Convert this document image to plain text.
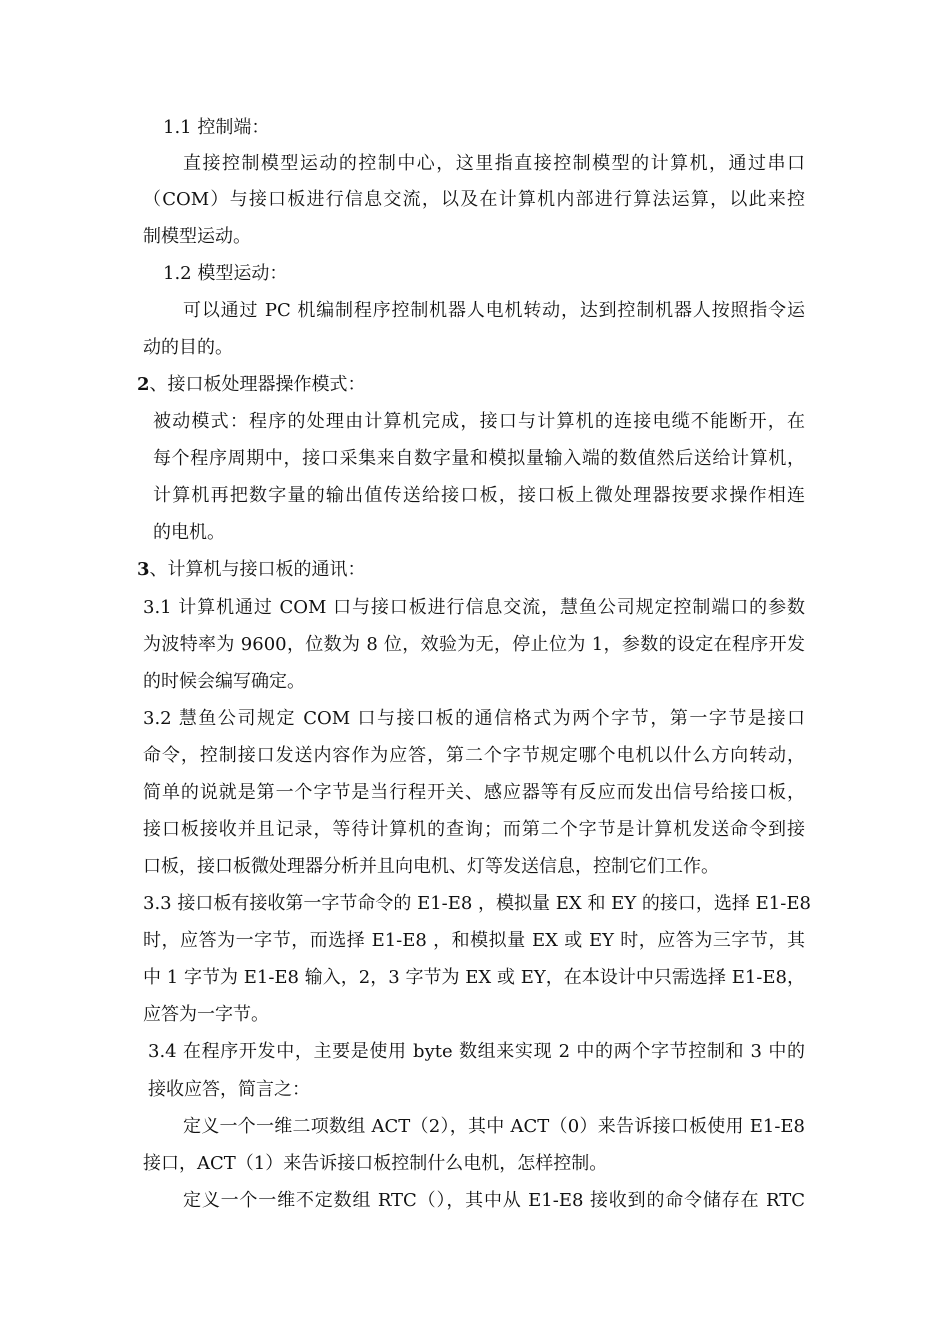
1.1 控制端：
直接控制模型运动的控制中心，这里指直接控制模型的计算机，通过串口
（COM）与接口板进行信息交流，以及在计算机内部进行算法运算，以此来控
制模型运动。
1.2 模型运动：
可以通过 PC 机编制程序控制机器人电机转动，达到控制机器人按照指令运
动的目的。
2、接口板处理器操作模式：
被动模式：程序的处理由计算机完成，接口与计算机的连接电缆不能断开，在
每个程序周期中，接口采集来自数字量和模拟量输入端的数值然后送给计算机，
计算机再把数字量的输出值传送给接口板，接口板上微处理器按要求操作相连
的电机。
3、计算机与接口板的通讯：
3.1 计算机通过 COM 口与接口板进行信息交流，慧鱼公司规定控制端口的参数
为波特率为 9600，位数为 8 位，效验为无，停止位为 1，参数的设定在程序开发
的时候会编写确定。
3.2 慧鱼公司规定 COM 口与接口板的通信格式为两个字节，第一字节是接口
命令，控制接口发送内容作为应答，第二个字节规定哪个电机以什么方向转动，
简单的说就是第一个字节是当行程开关、感应器等有反应而发出信号给接口板，
接口板接收并且记录，等待计算机的查询；而第二个字节是计算机发送命令到接
口板，接口板微处理器分析并且向电机、灯等发送信息，控制它们工作。
3.3 接口板有接收第一字节命令的 E1-E8 ，模拟量 EX 和 EY 的接口，选择 E1-E8
时，应答为一字节，而选择 E1-E8 ，和模拟量 EX 或 EY 时，应答为三字节，其
中 1 字节为 E1-E8 输入，2，3 字节为 EX 或 EY，在本设计中只需选择 E1-E8，
应答为一字节。
3.4 在程序开发中，主要是使用 byte 数组来实现 2 中的两个字节控制和 3 中的
接收应答，简言之：
定义一个一维二项数组 ACT（2），其中 ACT（0）来告诉接口板使用 E1-E8
接口，ACT（1）来告诉接口板控制什么电机，怎样控制。
定义一个一维不定数组 RTC（），其中从 E1-E8 接收到的命令储存在 RTC
